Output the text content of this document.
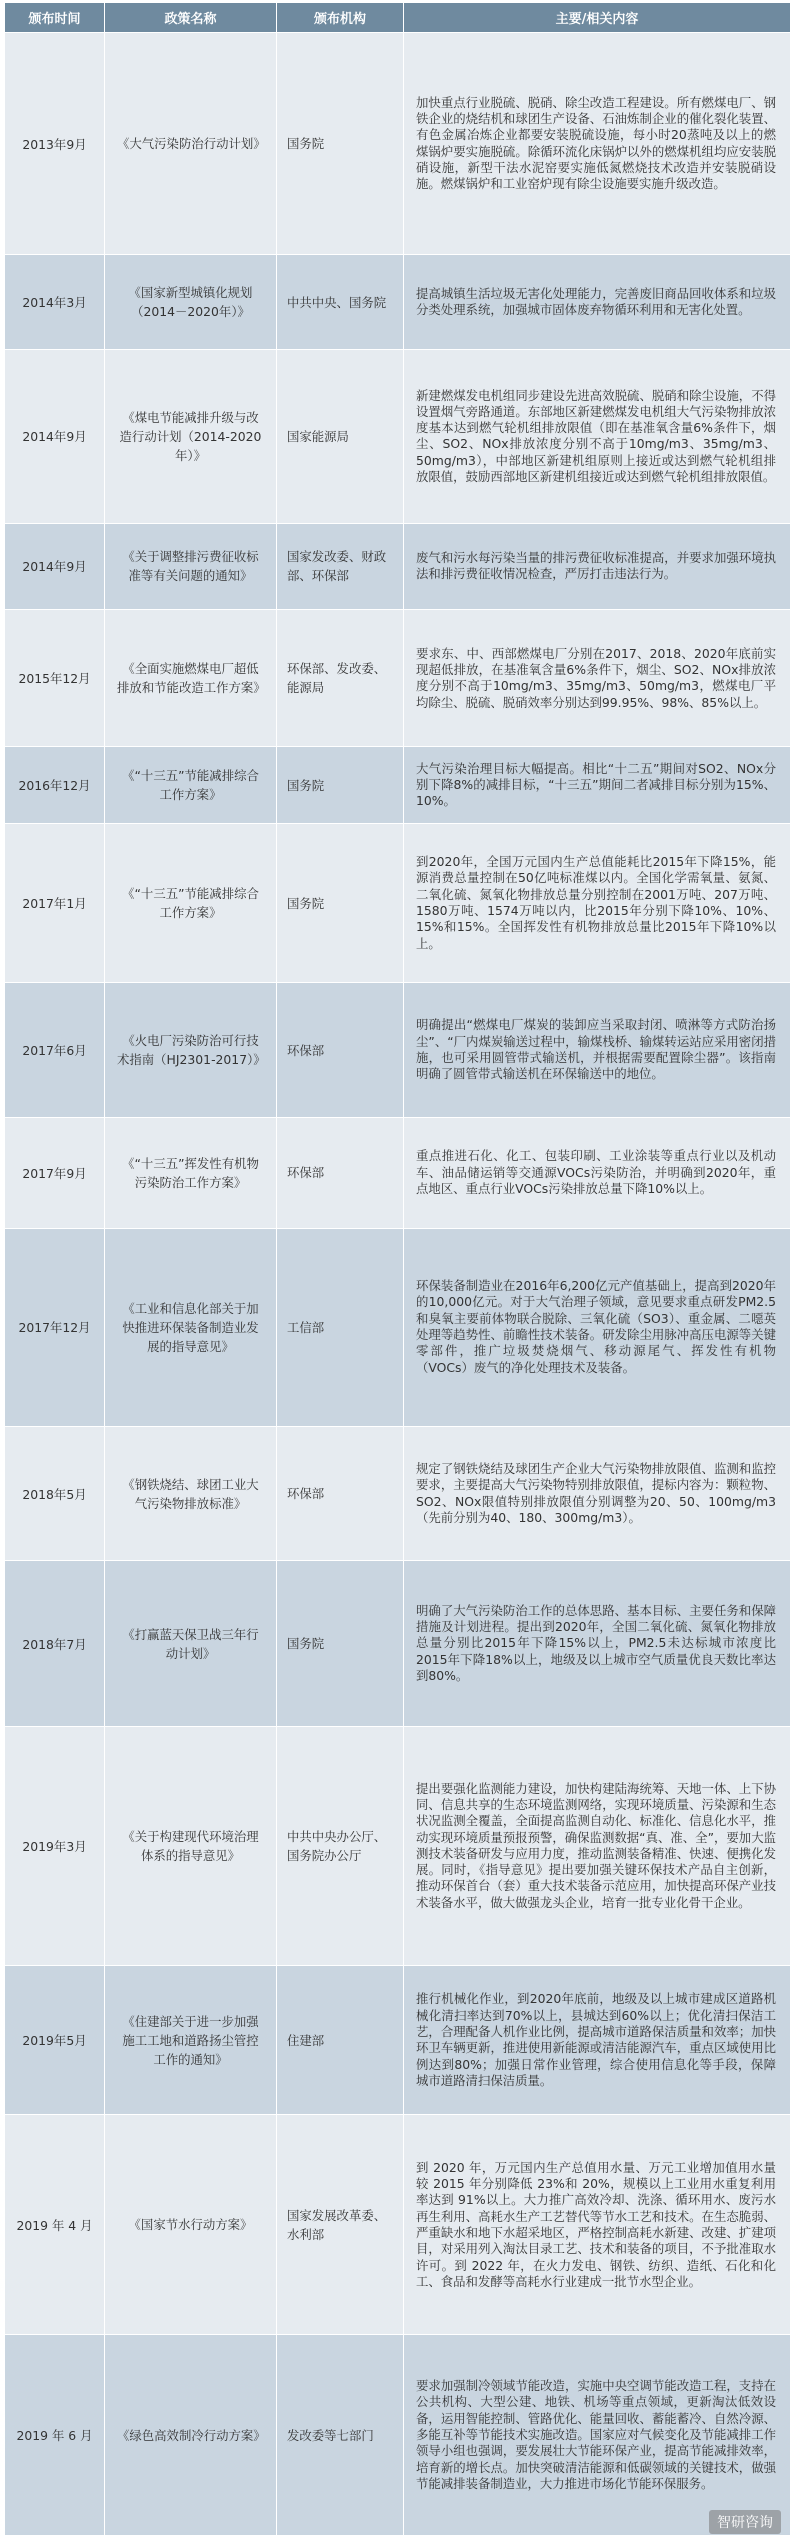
颁布时间	政策名称	颁布机构	主要/相关内容
2013年9月	《大气污染防治行动计划》	国务院	加快重点行业脱硫、脱硝、除尘改造工程建设。所有燃煤电厂、钢铁企业的烧结机和球团生产设备、石油炼制企业的催化裂化装置、有色金属冶炼企业都要安装脱硫设施，每小时20蒸吨及以上的燃煤锅炉要实施脱硫。除循环流化床锅炉以外的燃煤机组均应安装脱硝设施，新型干法水泥窑要实施低氮燃烧技术改造并安装脱硝设施。燃煤锅炉和工业窑炉现有除尘设施要实施升级改造。
2014年3月	《国家新型城镇化规划（2014－2020年）》	中共中央、国务院	提高城镇生活垃圾无害化处理能力，完善废旧商品回收体系和垃圾分类处理系统，加强城市固体废弃物循环利用和无害化处置。
2014年9月	《煤电节能减排升级与改造行动计划（2014-2020年）》	国家能源局	新建燃煤发电机组同步建设先进高效脱硫、脱硝和除尘设施，不得设置烟气旁路通道。东部地区新建燃煤发电机组大气污染物排放浓度基本达到燃气轮机组排放限值（即在基准氧含量6%条件下，烟尘、SO2、NOx排放浓度分别不高于10mg/m3、35mg/m3、50mg/m3），中部地区新建机组原则上接近或达到燃气轮机组排放限值，鼓励西部地区新建机组接近或达到燃气轮机组排放限值。
2014年9月	《关于调整排污费征收标准等有关问题的通知》	国家发改委、财政部、环保部	废气和污水每污染当量的排污费征收标准提高，并要求加强环境执法和排污费征收情况检查，严厉打击违法行为。
2015年12月	《全面实施燃煤电厂超低排放和节能改造工作方案》	环保部、发改委、能源局	要求东、中、西部燃煤电厂分别在2017、2018、2020年底前实现超低排放，在基准氧含量6%条件下，烟尘、SO2、NOx排放浓度分别不高于10mg/m3、35mg/m3、50mg/m3，燃煤电厂平均除尘、脱硫、脱硝效率分别达到99.95%、98%、85%以上。
2016年12月	《“十三五”节能减排综合工作方案》	国务院	大气污染治理目标大幅提高。相比“十二五”期间对SO2、NOx分别下降8%的减排目标，“十三五”期间二者减排目标分别为15%、10%。
2017年1月	《“十三五”节能减排综合工作方案》	国务院	到2020年，全国万元国内生产总值能耗比2015年下降15%，能源消费总量控制在50亿吨标准煤以内。全国化学需氧量、氨氮、二氧化硫、氮氧化物排放总量分别控制在2001万吨、207万吨、1580万吨、1574万吨以内，比2015年分别下降10%、10%、15%和15%。全国挥发性有机物排放总量比2015年下降10%以上。
2017年6月	《火电厂污染防治可行技术指南（HJ2301-2017）》	环保部	明确提出“燃煤电厂煤炭的装卸应当采取封闭、喷淋等方式防治扬尘”、“厂内煤炭输送过程中，输煤栈桥、输煤转运站应采用密闭措施，也可采用圆管带式输送机，并根据需要配置除尘器”。该指南明确了圆管带式输送机在环保输送中的地位。
2017年9月	《“十三五”挥发性有机物污染防治工作方案》	环保部	重点推进石化、化工、包装印刷、工业涂装等重点行业以及机动车、油品储运销等交通源VOCs污染防治，并明确到2020年，重点地区、重点行业VOCs污染排放总量下降10%以上。
2017年12月	《工业和信息化部关于加快推进环保装备制造业发展的指导意见》	工信部	环保装备制造业在2016年6,200亿元产值基础上，提高到2020年的10,000亿元。对于大气治理子领域，意见要求重点研发PM2.5和臭氧主要前体物联合脱除、三氧化硫（SO3）、重金属、二噁英处理等趋势性、前瞻性技术装备。研发除尘用脉冲高压电源等关键零部件，推广垃圾焚烧烟气、移动源尾气、挥发性有机物（VOCs）废气的净化处理技术及装备。
2018年5月	《钢铁烧结、球团工业大气污染物排放标准》	环保部	规定了钢铁烧结及球团生产企业大气污染物排放限值、监测和监控要求，主要提高大气污染物特别排放限值，提标内容为：颗粒物、SO2、NOx限值特别排放限值分别调整为20、50、100mg/m3（先前分别为40、180、300mg/m3）。
2018年7月	《打赢蓝天保卫战三年行动计划》	国务院	明确了大气污染防治工作的总体思路、基本目标、主要任务和保障措施及计划进程。提出到2020年，全国二氧化硫、氮氧化物排放总量分别比2015年下降15%以上，PM2.5未达标城市浓度比2015年下降18%以上，地级及以上城市空气质量优良天数比率达到80%。
2019年3月	《关于构建现代环境治理体系的指导意见》	中共中央办公厅、国务院办公厅	提出要强化监测能力建设，加快构建陆海统筹、天地一体、上下协同、信息共享的生态环境监测网络，实现环境质量、污染源和生态状况监测全覆盖，全面提高监测自动化、标准化、信息化水平，推动实现环境质量预报预警，确保监测数据“真、准、全”，要加大监测技术装备研发与应用力度，推动监测装备精准、快速、便携化发展。同时，《指导意见》提出要加强关键环保技术产品自主创新，推动环保首台（套）重大技术装备示范应用，加快提高环保产业技术装备水平，做大做强龙头企业，培育一批专业化骨干企业。
2019年5月	《住建部关于进一步加强施工工地和道路扬尘管控工作的通知》	住建部	推行机械化作业，到2020年底前，地级及以上城市建成区道路机械化清扫率达到70%以上，县城达到60%以上；优化清扫保洁工艺，合理配备人机作业比例，提高城市道路保洁质量和效率；加快环卫车辆更新，推进使用新能源或清洁能源汽车，重点区域使用比例达到80%；加强日常作业管理，综合使用信息化等手段，保障城市道路清扫保洁质量。
2019 年 4 月	《国家节水行动方案》	国家发展改革委、水利部	到 2020 年，万元国内生产总值用水量、万元工业增加值用水量较 2015 年分别降低 23%和 20%，规模以上工业用水重复利用率达到 91%以上。大力推广高效冷却、洗涤、循环用水、废污水再生利用、高耗水生产工艺替代等节水工艺和技术。在生态脆弱、严重缺水和地下水超采地区，严格控制高耗水新建、改建、扩建项目，对采用列入淘汰目录工艺、技术和装备的项目，不予批准取水许可。到 2022 年，在火力发电、钢铁、纺织、造纸、石化和化工、食品和发酵等高耗水行业建成一批节水型企业。
2019 年 6 月	《绿色高效制冷行动方案》	发改委等七部门	要求加强制冷领域节能改造，实施中央空调节能改造工程，支持在公共机构、大型公建、地铁、机场等重点领域，更新淘汰低效设备，运用智能控制、管路优化、能量回收、蓄能蓄冷、自然冷源、多能互补等节能技术实施改造。国家应对气候变化及节能减排工作领导小组也强调，要发展壮大节能环保产业，提高节能减排效率，培育新的增长点。加快突破清洁能源和低碳领域的关键技术，做强节能减排装备制造业，大力推进市场化节能环保服务。
智研咨询
